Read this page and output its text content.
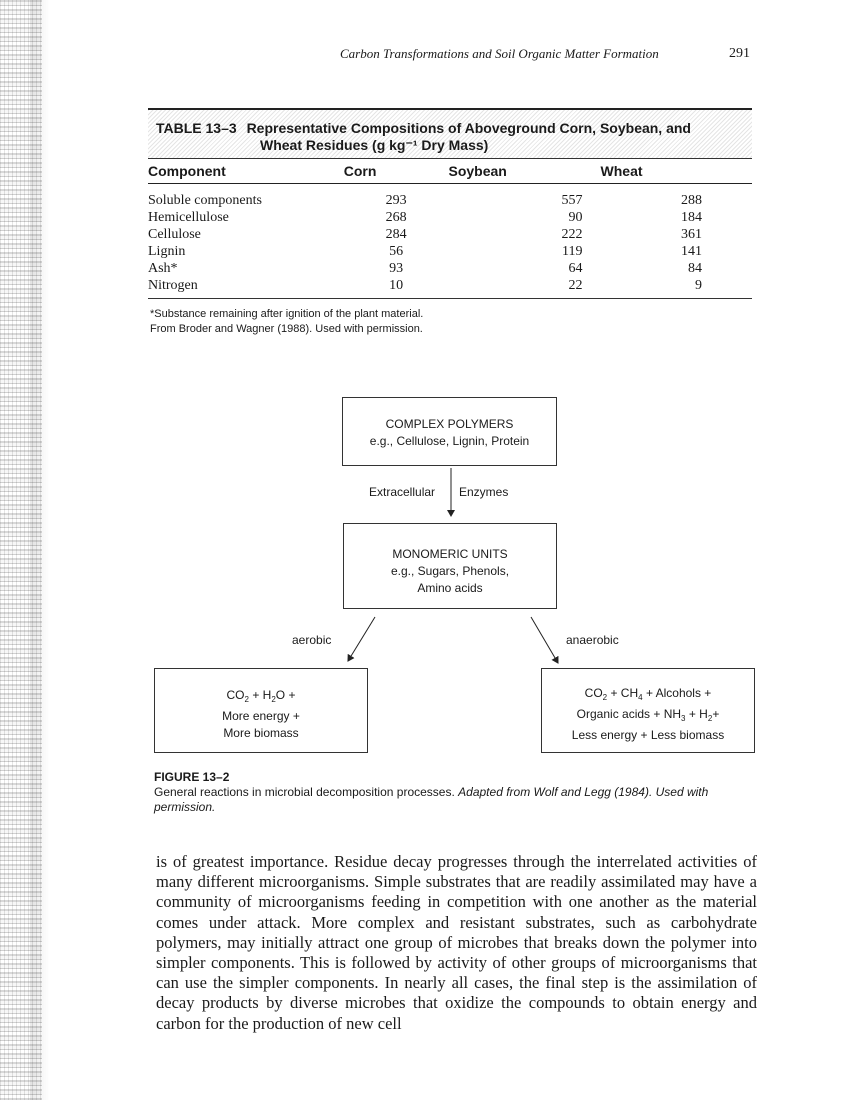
Carbon Transformations and Soil Organic Matter Formation	291
TABLE 13–3 Representative Compositions of Aboveground Corn, Soybean, and
Wheat Residues (g kg⁻¹ Dry Mass)
Component	Corn	Soybean	Wheat
Soluble components	293	557	288
Hemicellulose	268	90	184
Cellulose	284	222	361
Lignin	56	119	141
Ash*	93	64	84
Nitrogen	10	22	9
*Substance remaining after ignition of the plant material.
From Broder and Wagner (1988). Used with permission.
COMPLEX POLYMERS
e.g., Cellulose, Lignin, Protein
Extracellular Enzymes
MONOMERIC UNITS
e.g., Sugars, Phenols,
Amino acids
aerobic	anaerobic
$CO_2 + H_2O$ +
More energy +
More biomass
$CO_2 + CH_4$ + Alcohols +
Organic acids + $NH_3 + H_2+$
Less energy + Less biomass
FIGURE 13–2
General reactions in microbial decomposition processes. Adapted from Wolf and Legg (1984). Used with permission.
is of greatest importance. Residue decay progresses through the interrelated activities of many different microorganisms. Simple substrates that are readily assimilated may have a community of microorganisms feeding in competition with one another as the material comes under attack. More complex and resistant substrates, such as carbohydrate polymers, may initially attract one group of microbes that breaks down the polymer into simpler components. This is followed by activity of other groups of microorganisms that can use the simpler components. In nearly all cases, the final step is the assimilation of decay products by diverse microbes that oxidize the compounds to obtain energy and carbon for the production of new cell
